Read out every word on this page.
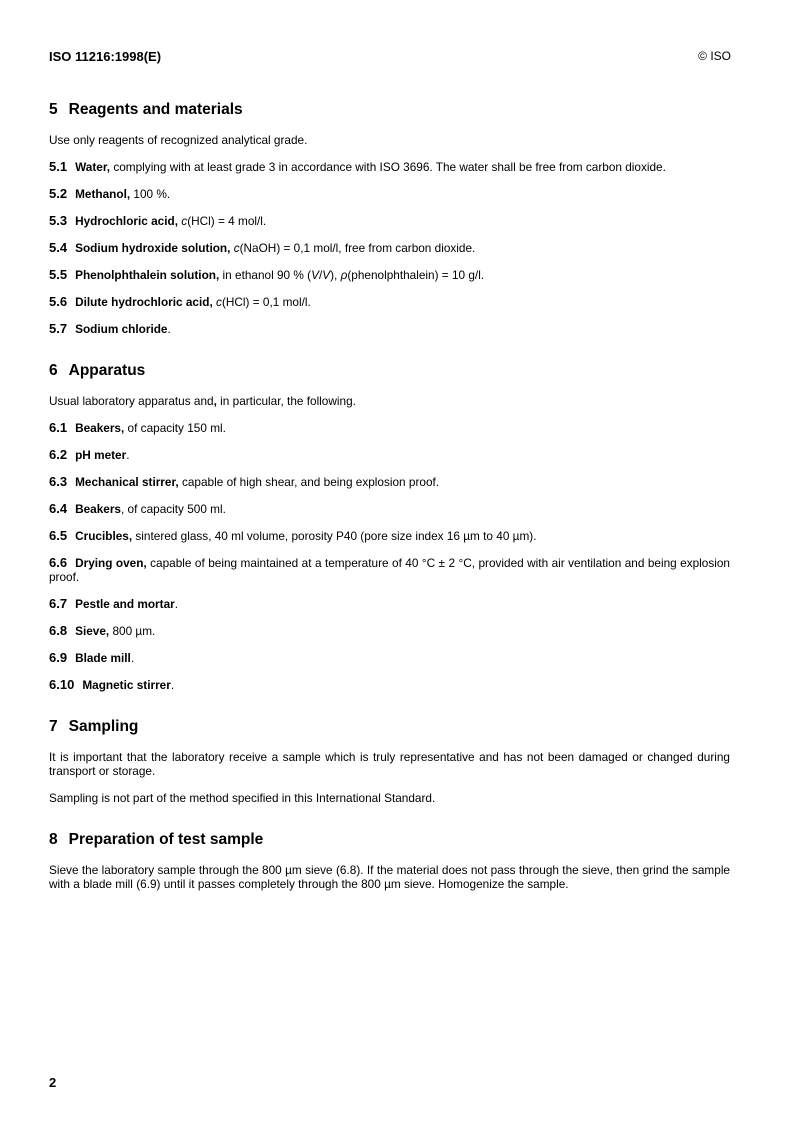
ISO 11216:1998(E)	© ISO
5 Reagents and materials

Use only reagents of recognized analytical grade.

5.1 Water, complying with at least grade 3 in accordance with ISO 3696. The water shall be free from carbon dioxide.

5.2 Methanol, 100 %.

5.3 Hydrochloric acid, c(HCl) = 4 mol/l.

5.4 Sodium hydroxide solution, c(NaOH) = 0,1 mol/l, free from carbon dioxide.

5.5 Phenolphthalein solution, in ethanol 90 % (V/V), ρ(phenolphthalein) = 10 g/l.

5.6 Dilute hydrochloric acid, c(HCl) = 0,1 mol/l.

5.7 Sodium chloride.

6 Apparatus

Usual laboratory apparatus and, in particular, the following.

6.1 Beakers, of capacity 150 ml.

6.2 pH meter.

6.3 Mechanical stirrer, capable of high shear, and being explosion proof.

6.4 Beakers, of capacity 500 ml.

6.5 Crucibles, sintered glass, 40 ml volume, porosity P40 (pore size index 16 µm to 40 µm).

6.6 Drying oven, capable of being maintained at a temperature of 40 °C ± 2 °C, provided with air ventilation and being explosion proof.

6.7 Pestle and mortar.

6.8 Sieve, 800 µm.

6.9 Blade mill.

6.10 Magnetic stirrer.

7 Sampling

It is important that the laboratory receive a sample which is truly representative and has not been damaged or changed during transport or storage.

Sampling is not part of the method specified in this International Standard.

8 Preparation of test sample

Sieve the laboratory sample through the 800 µm sieve (6.8). If the material does not pass through the sieve, then grind the sample with a blade mill (6.9) until it passes completely through the 800 µm sieve. Homogenize the sample.

2
